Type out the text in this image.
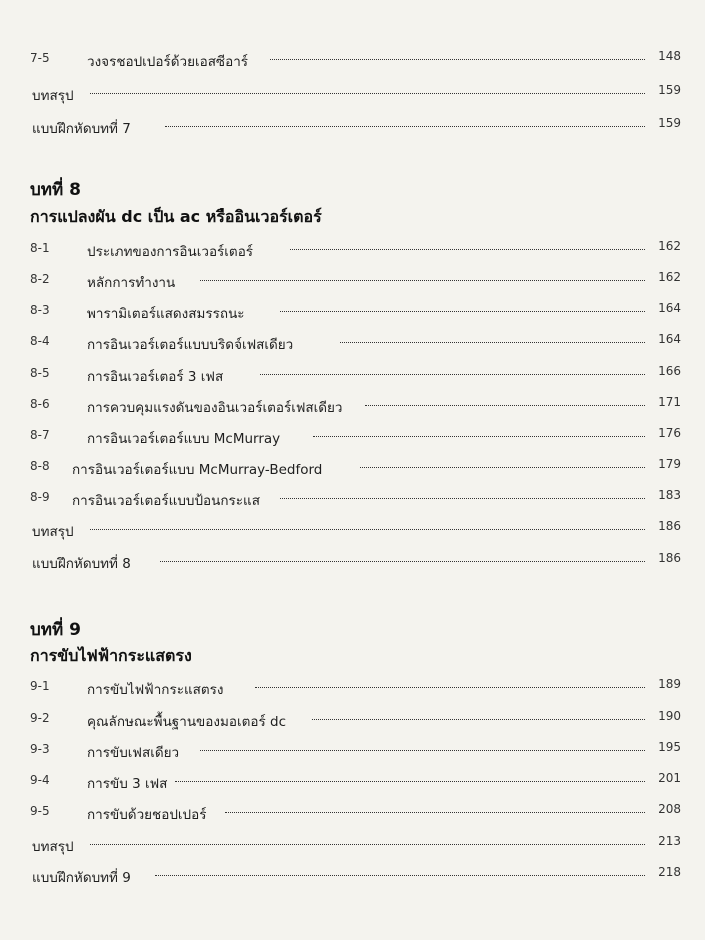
7-5	วงจรชอปเปอร์ด้วยเอสซีอาร์	148
บทสรุป	159
แบบฝึกหัดบทที่ 7	159
บทที่ 8
การแปลงผัน dc เป็น ac หรืออินเวอร์เตอร์
8-1	ประเภทของการอินเวอร์เตอร์	162
8-2	หลักการทำงาน	162
8-3	พารามิเตอร์แสดงสมรรถนะ	164
8-4	การอินเวอร์เตอร์แบบบริดจ์เฟสเดียว	164
8-5	การอินเวอร์เตอร์ 3 เฟส	166
8-6	การควบคุมแรงดันของอินเวอร์เตอร์เฟสเดียว	171
8-7	การอินเวอร์เตอร์แบบ McMurray	176
8-8 การอินเวอร์เตอร์แบบ McMurray-Bedford	179
8-9 การอินเวอร์เตอร์แบบป้อนกระแส	183
บทสรุป	186
แบบฝึกหัดบทที่ 8	186
บทที่ 9
การขับไฟฟ้ากระแสตรง
9-1	การขับไฟฟ้ากระแสตรง	189
9-2	คุณลักษณะพื้นฐานของมอเตอร์ dc	190
9-3	การขับเฟสเดียว	195
9-4	การขับ 3 เฟส	201
9-5	การขับด้วยชอปเปอร์	208
บทสรุป	213
แบบฝึกหัดบทที่ 9	218
